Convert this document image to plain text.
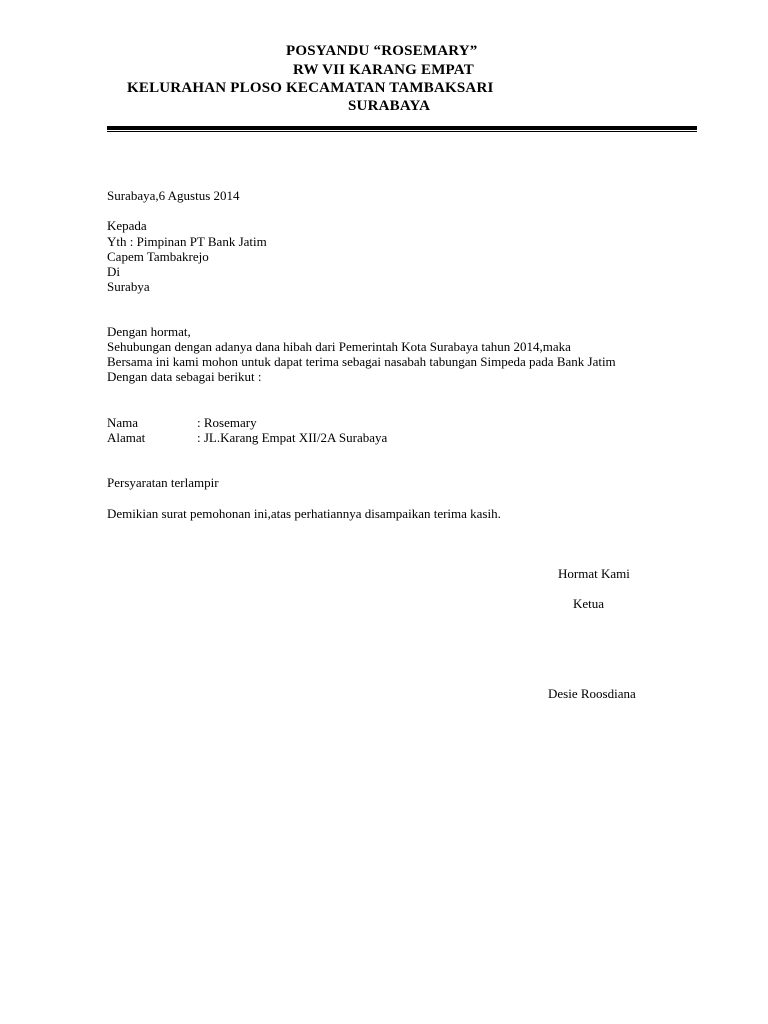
POSYANDU “ROSEMARY”
RW VII KARANG EMPAT
KELURAHAN PLOSO KECAMATAN TAMBAKSARI
SURABAYA
Surabaya,6 Agustus 2014
Kepada
Yth : Pimpinan PT Bank Jatim
Capem Tambakrejo
Di
Surabya
Dengan hormat,
Sehubungan dengan adanya dana hibah dari Pemerintah Kota Surabaya tahun 2014,maka
Bersama ini kami mohon untuk dapat terima sebagai nasabah tabungan Simpeda pada Bank Jatim
Dengan data sebagai berikut :
Nama	: Rosemary
Alamat	: JL.Karang Empat XII/2A Surabaya
Persyaratan terlampir
Demikian surat pemohonan ini,atas perhatiannya disampaikan terima kasih.
Hormat Kami
Ketua
Desie Roosdiana
